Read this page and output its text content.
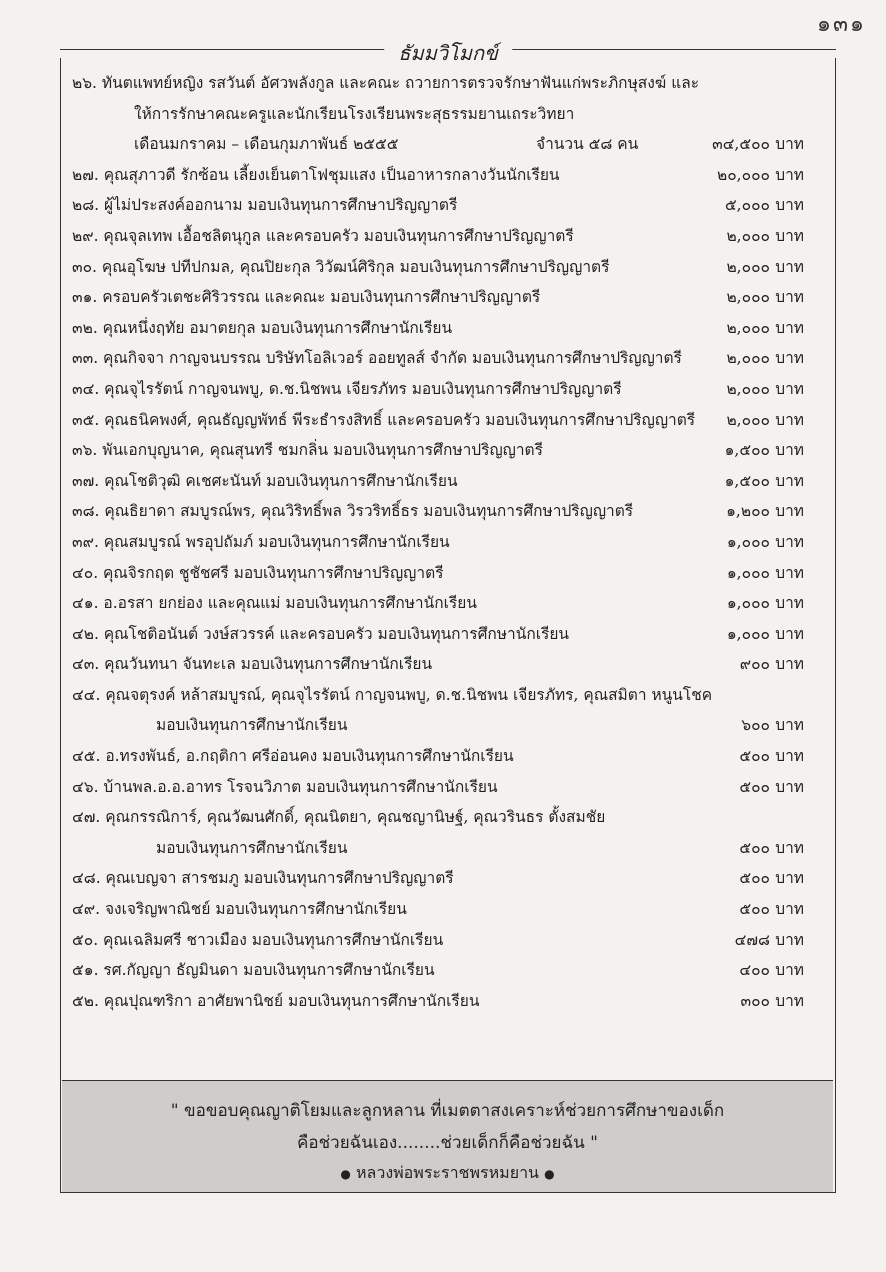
๑๓๑
ธัมมวิโมกข์
๒๖. ทันตแพทย์หญิง รสวันต์ อัศวพลังกูล และคณะ ถวายการตรวจรักษาฟันแก่พระภิกษุสงฆ์ และ
ให้การรักษาคณะครูและนักเรียนโรงเรียนพระสุธรรมยานเถระวิทยา
เดือนมกราคม – เดือนกุมภาพันธ์ ๒๕๕๕	จำนวน ๕๘ คน	๓๔,๕๐๐ บาท
๒๗. คุณสุภาวดี รักซ้อน เลี้ยงเย็นตาโฟชุมแสง เป็นอาหารกลางวันนักเรียน	๒๐,๐๐๐ บาท
๒๘. ผู้ไม่ประสงค์ออกนาม มอบเงินทุนการศึกษาปริญญาตรี	๕,๐๐๐ บาท
๒๙. คุณจุลเทพ เอื้อชลิตนุกูล และครอบครัว มอบเงินทุนการศึกษาปริญญาตรี	๒,๐๐๐ บาท
๓๐. คุณอุโฆษ ปทีปกมล, คุณปิยะกุล วิวัฒน์ศิริกุล มอบเงินทุนการศึกษาปริญญาตรี	๒,๐๐๐ บาท
๓๑. ครอบครัวเตชะศิริวรรณ และคณะ มอบเงินทุนการศึกษาปริญญาตรี	๒,๐๐๐ บาท
๓๒. คุณหนึ่งฤทัย อมาตยกุล มอบเงินทุนการศึกษานักเรียน	๒,๐๐๐ บาท
๓๓. คุณกิจจา กาญจนบรรณ บริษัทโอลิเวอร์ ออยทูลส์ จำกัด มอบเงินทุนการศึกษาปริญญาตรี	๒,๐๐๐ บาท
๓๔. คุณจุไรรัตน์ กาญจนพบู, ด.ช.นิชพน เจียรภัทร มอบเงินทุนการศึกษาปริญญาตรี	๒,๐๐๐ บาท
๓๕. คุณธนิคพงศ์, คุณธัญญพัทธ์ พีระธำรงสิทธิ์ และครอบครัว มอบเงินทุนการศึกษาปริญญาตรี ๒,๐๐๐ บาท
๓๖. พันเอกบุญนาค, คุณสุนทรี ชมกลิ่น มอบเงินทุนการศึกษาปริญญาตรี	๑,๕๐๐ บาท
๓๗. คุณโชติวุฒิ คเชศะนันท์ มอบเงินทุนการศึกษานักเรียน	๑,๕๐๐ บาท
๓๘. คุณธิยาดา สมบูรณ์พร, คุณวิริทธิ์พล วิรวริทธิ์ธร มอบเงินทุนการศึกษาปริญญาตรี	๑,๒๐๐ บาท
๓๙. คุณสมบูรณ์ พรอุปถัมภ์ มอบเงินทุนการศึกษานักเรียน	๑,๐๐๐ บาท
๔๐. คุณจิรกฤต ชูชัชศรี มอบเงินทุนการศึกษาปริญญาตรี	๑,๐๐๐ บาท
๔๑. อ.อรสา ยกย่อง และคุณแม่ มอบเงินทุนการศึกษานักเรียน	๑,๐๐๐ บาท
๔๒. คุณโชติอนันต์ วงษ์สวรรค์ และครอบครัว มอบเงินทุนการศึกษานักเรียน	๑,๐๐๐ บาท
๔๓. คุณวันทนา จันทะเล มอบเงินทุนการศึกษานักเรียน	๙๐๐ บาท
๔๔. คุณจตุรงค์ หล้าสมบูรณ์, คุณจุไรรัตน์ กาญจนพบู, ด.ช.นิชพน เจียรภัทร, คุณสมิตา หนูนโชค
มอบเงินทุนการศึกษานักเรียน	๖๐๐ บาท
๔๕. อ.ทรงพันธ์, อ.กฤติกา ศรีอ่อนคง มอบเงินทุนการศึกษานักเรียน	๕๐๐ บาท
๔๖. บ้านพล.อ.อ.อาทร โรจนวิภาต มอบเงินทุนการศึกษานักเรียน	๕๐๐ บาท
๔๗. คุณกรรณิการ์, คุณวัฒนศักดิ์, คุณนิตยา, คุณชญานิษฐ์, คุณวรินธร ตั้งสมชัย
มอบเงินทุนการศึกษานักเรียน	๕๐๐ บาท
๔๘. คุณเบญจา สารชมภู มอบเงินทุนการศึกษาปริญญาตรี	๕๐๐ บาท
๔๙. จงเจริญพาณิชย์ มอบเงินทุนการศึกษานักเรียน	๕๐๐ บาท
๕๐. คุณเฉลิมศรี ชาวเมือง มอบเงินทุนการศึกษานักเรียน	๔๗๘ บาท
๕๑. รศ.กัญญา ธัญมินดา มอบเงินทุนการศึกษานักเรียน	๔๐๐ บาท
๕๒. คุณปุณฑริกา อาศัยพานิชย์ มอบเงินทุนการศึกษานักเรียน	๓๐๐ บาท
" ขอขอบคุณญาติโยมและลูกหลาน ที่เมตตาสงเคราะห์ช่วยการศึกษาของเด็ก
คือช่วยฉันเอง........ช่วยเด็กก็คือช่วยฉัน "
● หลวงพ่อพระราชพรหมยาน ●
